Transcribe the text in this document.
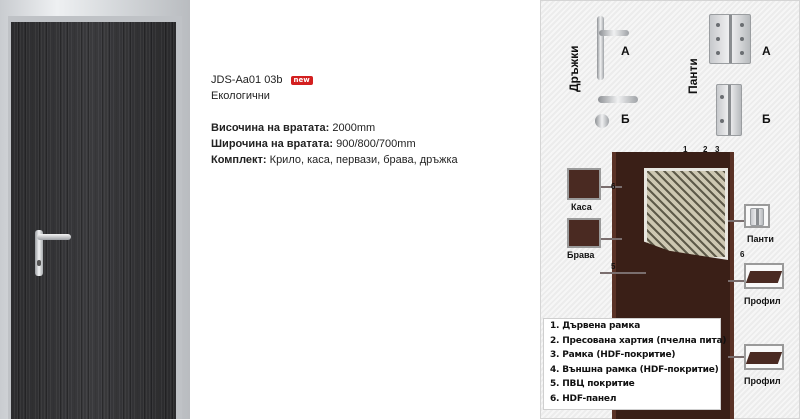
JDS-Aa01 03b	new
Екологични
Височина на вратата: 2000mm
Широчина на вратата: 900/800/700mm
Комплект: Крило, каса, первази, брава, дръжка
Дръжки	А
Б
Панти
А
Б
1 2 3
5
6
6
Каса
Брава
Панти
Профил
Профил
1. Дървена рамка
2. Пресована хартия (пчелна пита)
3. Рамка (HDF-покритие)
4. Външна рамка (HDF-покритие)
5. ПВЦ покритие
6. HDF-панел
